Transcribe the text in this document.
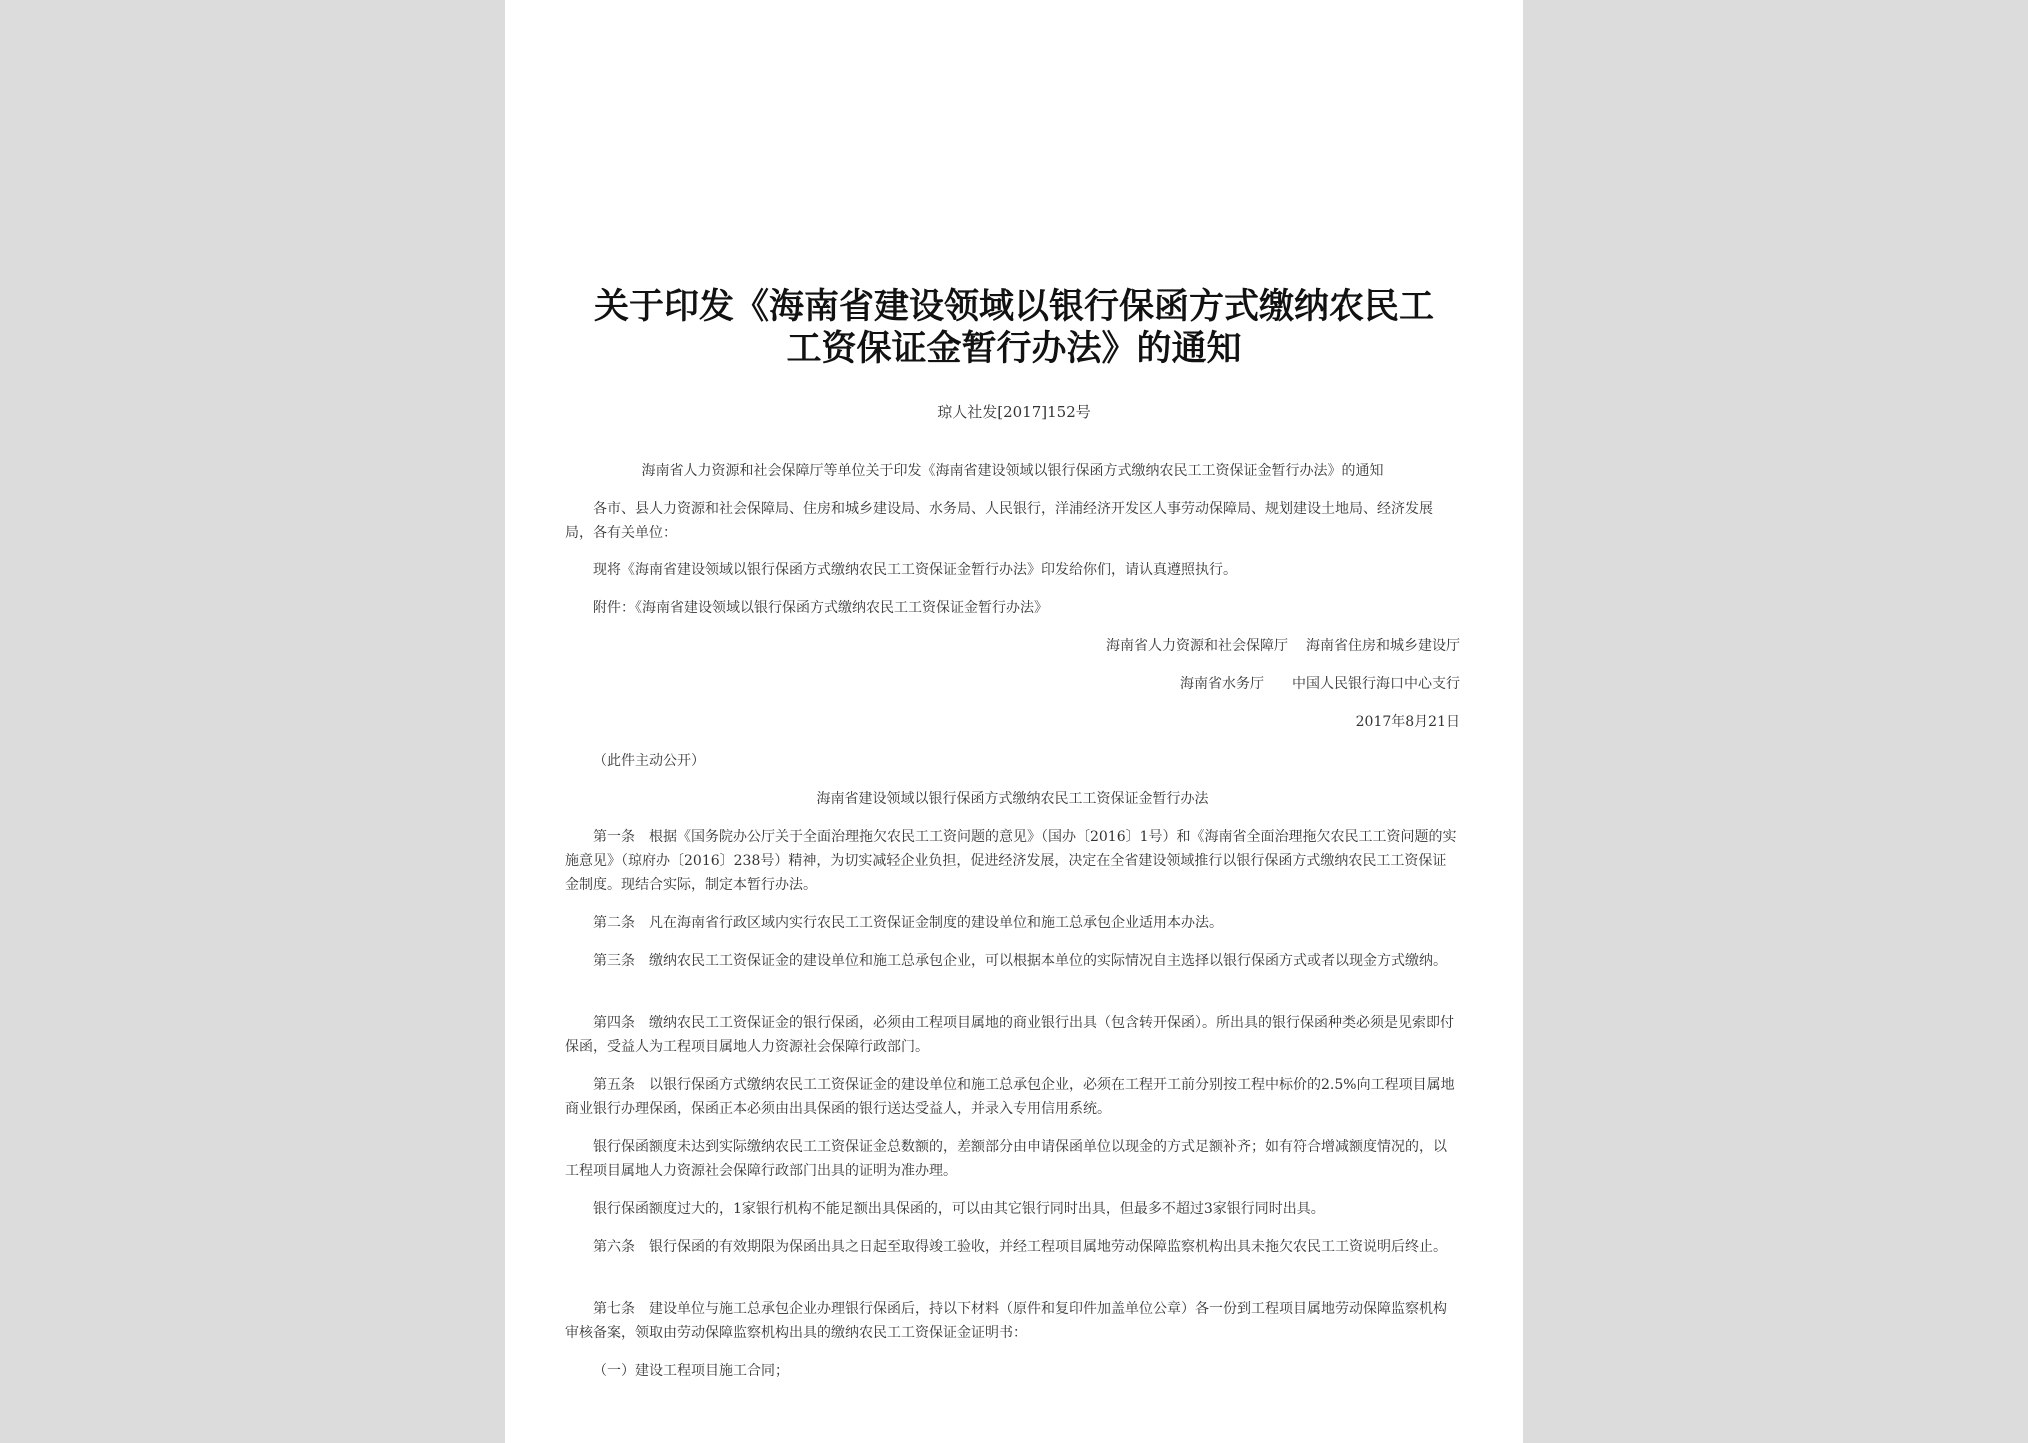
关于印发《海南省建设领域以银行保函方式缴纳农民工
工资保证金暂行办法》的通知
琼人社发[2017]152号
海南省人力资源和社会保障厅等单位关于印发《海南省建设领域以银行保函方式缴纳农民工工资保证金暂行办法》的通知
各市、县人力资源和社会保障局、住房和城乡建设局、水务局、人民银行，洋浦经济开发区人事劳动保障局、规划建设土地局、经济发展局，各有关单位：
现将《海南省建设领域以银行保函方式缴纳农民工工资保证金暂行办法》印发给你们，请认真遵照执行。
附件：《海南省建设领域以银行保函方式缴纳农民工工资保证金暂行办法》
海南省人力资源和社会保障厅 海南省住房和城乡建设厅
海南省水务厅 中国人民银行海口中心支行
2017年8月21日
（此件主动公开）
海南省建设领域以银行保函方式缴纳农民工工资保证金暂行办法
第一条　根据《国务院办公厅关于全面治理拖欠农民工工资问题的意见》（国办〔2016〕1号）和《海南省全面治理拖欠农民工工资问题的实施意见》（琼府办〔2016〕238号）精神，为切实减轻企业负担，促进经济发展，决定在全省建设领域推行以银行保函方式缴纳农民工工资保证金制度。现结合实际，制定本暂行办法。
第二条　凡在海南省行政区域内实行农民工工资保证金制度的建设单位和施工总承包企业适用本办法。
第三条　缴纳农民工工资保证金的建设单位和施工总承包企业，可以根据本单位的实际情况自主选择以银行保函方式或者以现金方式缴纳。
第四条　缴纳农民工工资保证金的银行保函，必须由工程项目属地的商业银行出具（包含转开保函）。所出具的银行保函种类必须是见索即付保函，受益人为工程项目属地人力资源社会保障行政部门。
第五条　以银行保函方式缴纳农民工工资保证金的建设单位和施工总承包企业，必须在工程开工前分别按工程中标价的2.5%向工程项目属地商业银行办理保函，保函正本必须由出具保函的银行送达受益人，并录入专用信用系统。
银行保函额度未达到实际缴纳农民工工资保证金总数额的，差额部分由申请保函单位以现金的方式足额补齐；如有符合增减额度情况的，以工程项目属地人力资源社会保障行政部门出具的证明为准办理。
银行保函额度过大的，1家银行机构不能足额出具保函的，可以由其它银行同时出具，但最多不超过3家银行同时出具。
第六条　银行保函的有效期限为保函出具之日起至取得竣工验收，并经工程项目属地劳动保障监察机构出具未拖欠农民工工资说明后终止。
第七条　建设单位与施工总承包企业办理银行保函后，持以下材料（原件和复印件加盖单位公章）各一份到工程项目属地劳动保障监察机构审核备案，领取由劳动保障监察机构出具的缴纳农民工工资保证金证明书：
（一）建设工程项目施工合同；
